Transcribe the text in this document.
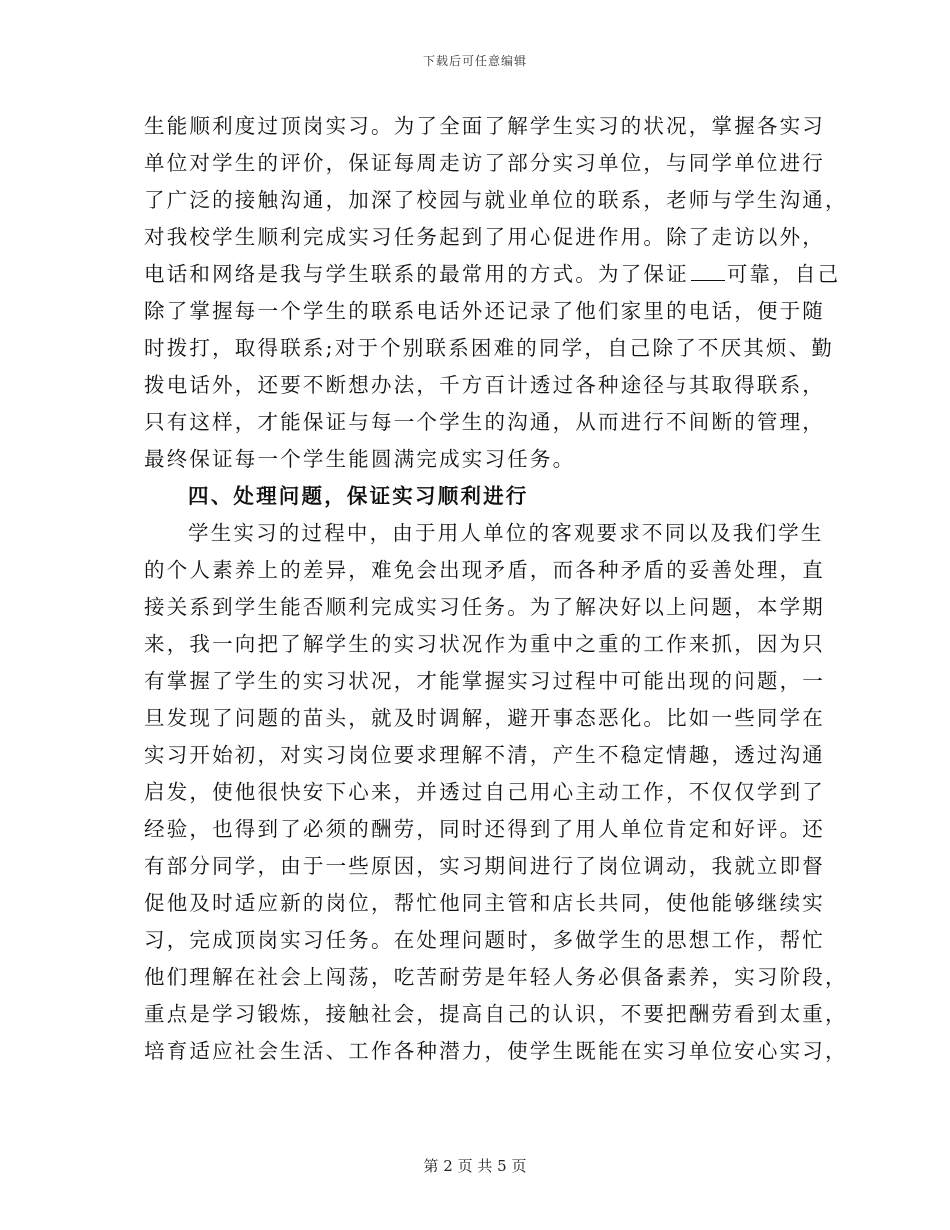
下载后可任意编辑
生能顺利度过顶岗实习。为了全面了解学生实习的状况，掌握各实习
单位对学生的评价，保证每周走访了部分实习单位，与同学单位进行
了广泛的接触沟通，加深了校园与就业单位的联系，老师与学生沟通，
对我校学生顺利完成实习任务起到了用心促进作用。除了走访以外，
电话和网络是我与学生联系的最常用的方式。为了保证 可靠，自己
除了掌握每一个学生的联系电话外还记录了他们家里的电话，便于随
时拨打，取得联系;对于个别联系困难的同学，自己除了不厌其烦、勤
拨电话外，还要不断想办法，千方百计透过各种途径与其取得联系，
只有这样，才能保证与每一个学生的沟通，从而进行不间断的管理，
最终保证每一个学生能圆满完成实习任务。
四、处理问题，保证实习顺利进行
学生实习的过程中，由于用人单位的客观要求不同以及我们学生
的个人素养上的差异，难免会出现矛盾，而各种矛盾的妥善处理，直
接关系到学生能否顺利完成实习任务。为了解决好以上问题，本学期
来，我一向把了解学生的实习状况作为重中之重的工作来抓，因为只
有掌握了学生的实习状况，才能掌握实习过程中可能出现的问题，一
旦发现了问题的苗头，就及时调解，避开事态恶化。比如一些同学在
实习开始初，对实习岗位要求理解不清，产生不稳定情趣，透过沟通
启发，使他很快安下心来，并透过自己用心主动工作，不仅仅学到了
经验，也得到了必须的酬劳，同时还得到了用人单位肯定和好评。还
有部分同学，由于一些原因，实习期间进行了岗位调动，我就立即督
促他及时适应新的岗位，帮忙他同主管和店长共同，使他能够继续实
习，完成顶岗实习任务。在处理问题时，多做学生的思想工作，帮忙
他们理解在社会上闯荡，吃苦耐劳是年轻人务必俱备素养，实习阶段，
重点是学习锻炼，接触社会，提高自己的认识，不要把酬劳看到太重，
培育适应社会生活、工作各种潜力，使学生既能在实习单位安心实习，
第 2 页 共 5 页
